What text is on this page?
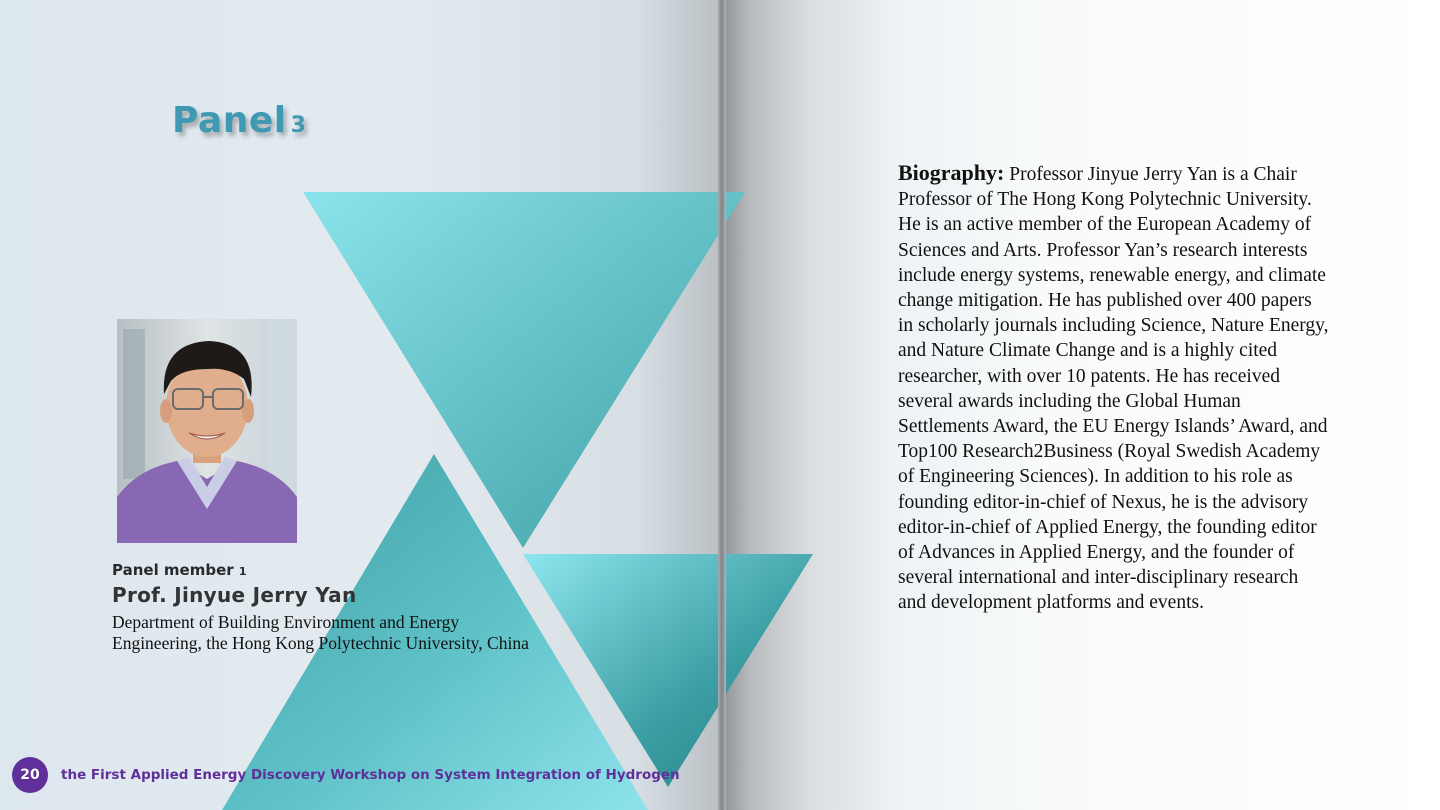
Panel 3
Panel member 1
Prof. Jinyue Jerry Yan
Department of Building Environment and Energy Engineering, the Hong Kong Polytechnic University, China
20	the First Applied Energy Discovery Workshop on System Integration of Hydrogen

Biography: Professor Jinyue Jerry Yan is a Chair Professor of The Hong Kong Polytechnic University. He is an active member of the European Academy of Sciences and Arts. Professor Yan’s research interests include energy systems, renewable energy, and climate change mitigation. He has published over 400 papers in scholarly journals including Science, Nature Energy, and Nature Climate Change and is a highly cited researcher, with over 10 patents. He has received several awards including the Global Human Settlements Award, the EU Energy Islands’ Award, and Top100 Research2Business (Royal Swedish Academy of Engineering Sciences). In addition to his role as founding editor-in-chief of Nexus, he is the advisory editor-in-chief of Applied Energy, the founding editor of Advances in Applied Energy, and the founder of several international and inter-disciplinary research and development platforms and events.
